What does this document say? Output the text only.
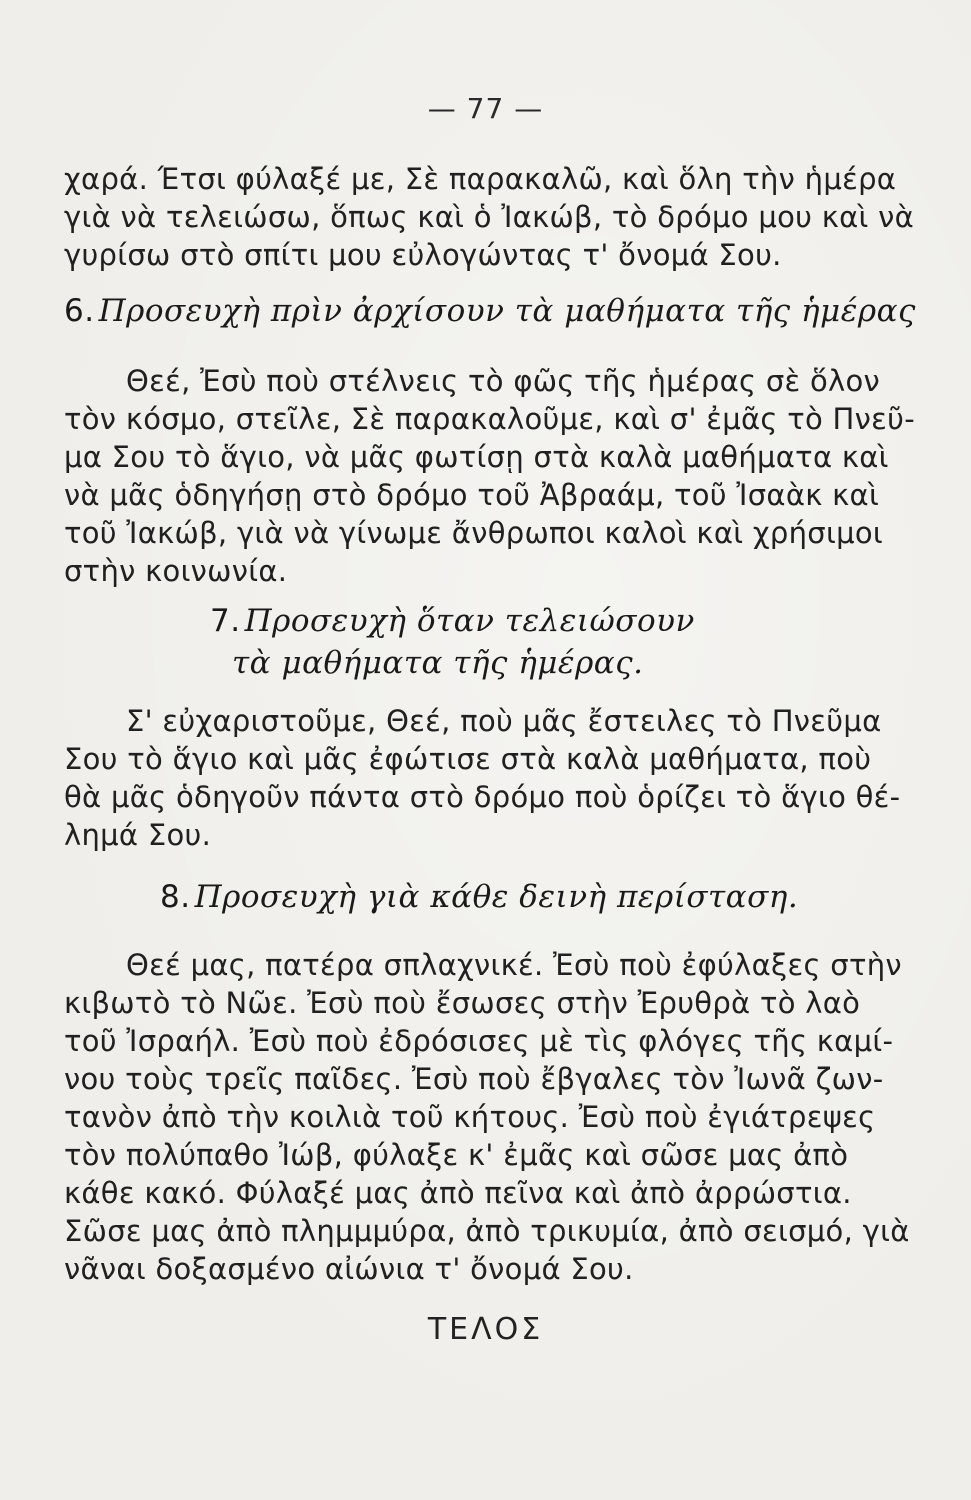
— 77 —
χαρά. Έτσι φύλαξέ με, Σὲ παρακαλῶ, καὶ ὅλη τὴν ἡμέρα
γιὰ νὰ τελειώσω, ὅπως καὶ ὁ Ἰακώβ, τὸ δρόμο μου καὶ νὰ
γυρίσω στὸ σπίτι μου εὐλογώντας τ' ὄνομά Σου.
6. Προσευχὴ πρὶν ἀρχίσουν τὰ μαθήματα τῆς ἡμέρας
Θεέ, Ἐσὺ ποὺ στέλνεις τὸ φῶς τῆς ἡμέρας σὲ ὅλον
τὸν κόσμο, στεῖλε, Σὲ παρακαλοῦμε, καὶ σ' ἐμᾶς τὸ Πνεῦ-
μα Σου τὸ ἅγιο, νὰ μᾶς φωτίσῃ στὰ καλὰ μαθήματα καὶ
νὰ μᾶς ὁδηγήσῃ στὸ δρόμο τοῦ Ἀβραάμ, τοῦ Ἰσαὰκ καὶ
τοῦ Ἰακώβ, γιὰ νὰ γίνωμε ἄνθρωποι καλοὶ καὶ χρήσιμοι
στὴν κοινωνία.
7. Προσευχὴ ὅταν τελειώσουν
τὰ μαθήματα τῆς ἡμέρας.
Σ' εὐχαριστοῦμε, Θεέ, ποὺ μᾶς ἔστειλες τὸ Πνεῦμα
Σου τὸ ἅγιο καὶ μᾶς ἐφώτισε στὰ καλὰ μαθήματα, ποὺ
θὰ μᾶς ὁδηγοῦν πάντα στὸ δρόμο ποὺ ὁρίζει τὸ ἅγιο θέ-
λημά Σου.
8. Προσευχὴ γιὰ κάθε δεινὴ περίσταση.
Θεέ μας, πατέρα σπλαχνικέ. Ἐσὺ ποὺ ἐφύλαξες στὴν
κιβωτὸ τὸ Νῶε. Ἐσὺ ποὺ ἔσωσες στὴν Ἐρυθρὰ τὸ λαὸ
τοῦ Ἰσραήλ. Ἐσὺ ποὺ ἐδρόσισες μὲ τὶς φλόγες τῆς καμί-
νου τοὺς τρεῖς παῖδες. Ἐσὺ ποὺ ἔβγαλες τὸν Ἰωνᾶ ζων-
τανὸν ἀπὸ τὴν κοιλιὰ τοῦ κήτους. Ἐσὺ ποὺ ἐγιάτρεψες
τὸν πολύπαθο Ἰώβ, φύλαξε κ' ἐμᾶς καὶ σῶσε μας ἀπὸ
κάθε κακό. Φύλαξέ μας ἀπὸ πεῖνα καὶ ἀπὸ ἀρρώστια.
Σῶσε μας ἀπὸ πλημμμύρα, ἀπὸ τρικυμία, ἀπὸ σεισμό, γιὰ
νᾶναι δοξασμένο αἰώνια τ' ὄνομά Σου.
ΤΕΛΟΣ
